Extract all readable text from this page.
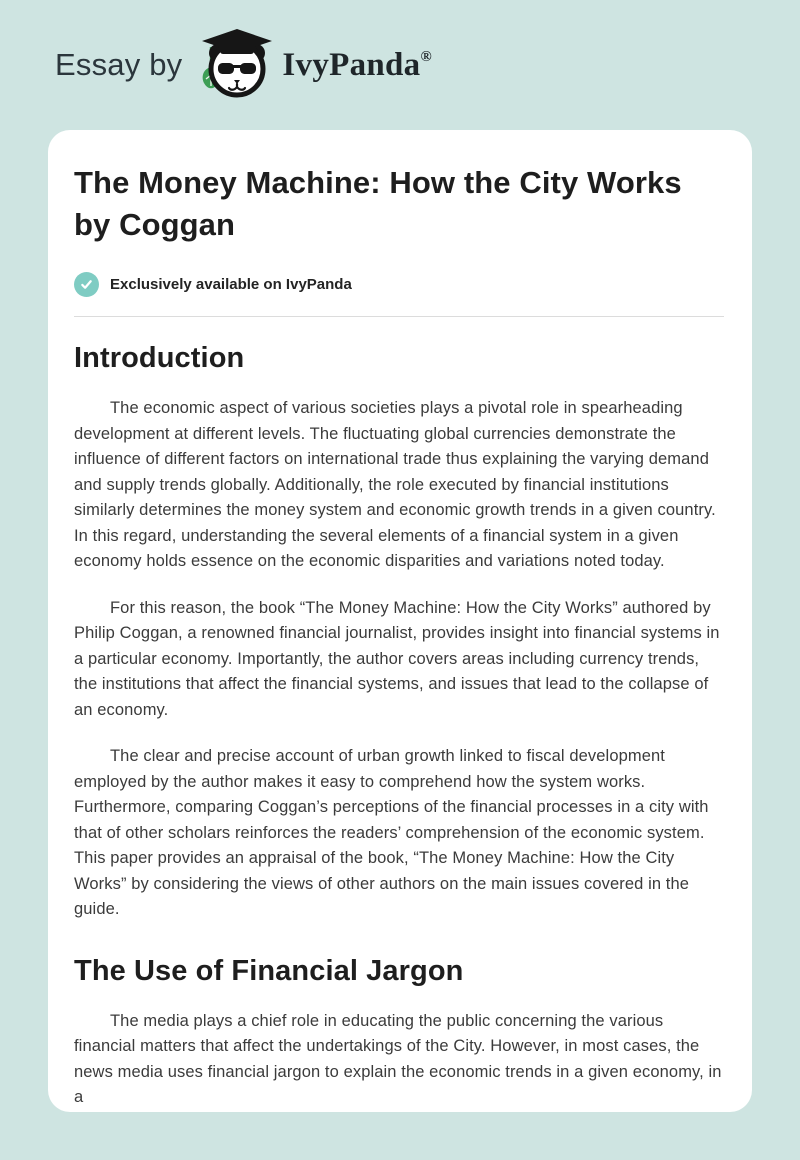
Essay by	IvyPanda®
The Money Machine: How the City Works by Coggan
Exclusively available on IvyPanda
Introduction

The economic aspect of various societies plays a pivotal role in spearheading development at different levels. The fluctuating global currencies demonstrate the influence of different factors on international trade thus explaining the varying demand and supply trends globally. Additionally, the role executed by financial institutions similarly determines the money system and economic growth trends in a given country. In this regard, understanding the several elements of a financial system in a given economy holds essence on the economic disparities and variations noted today.

For this reason, the book “The Money Machine: How the City Works” authored by Philip Coggan, a renowned financial journalist, provides insight into financial systems in a particular economy. Importantly, the author covers areas including currency trends, the institutions that affect the financial systems, and issues that lead to the collapse of an economy.

The clear and precise account of urban growth linked to fiscal development employed by the author makes it easy to comprehend how the system works. Furthermore, comparing Coggan’s perceptions of the financial processes in a city with that of other scholars reinforces the readers’ comprehension of the economic system. This paper provides an appraisal of the book, “The Money Machine: How the City Works” by considering the views of other authors on the main issues covered in the guide.

The Use of Financial Jargon

The media plays a chief role in educating the public concerning the various financial matters that affect the undertakings of the City. However, in most cases, the news media uses financial jargon to explain the economic trends in a given economy, in a
